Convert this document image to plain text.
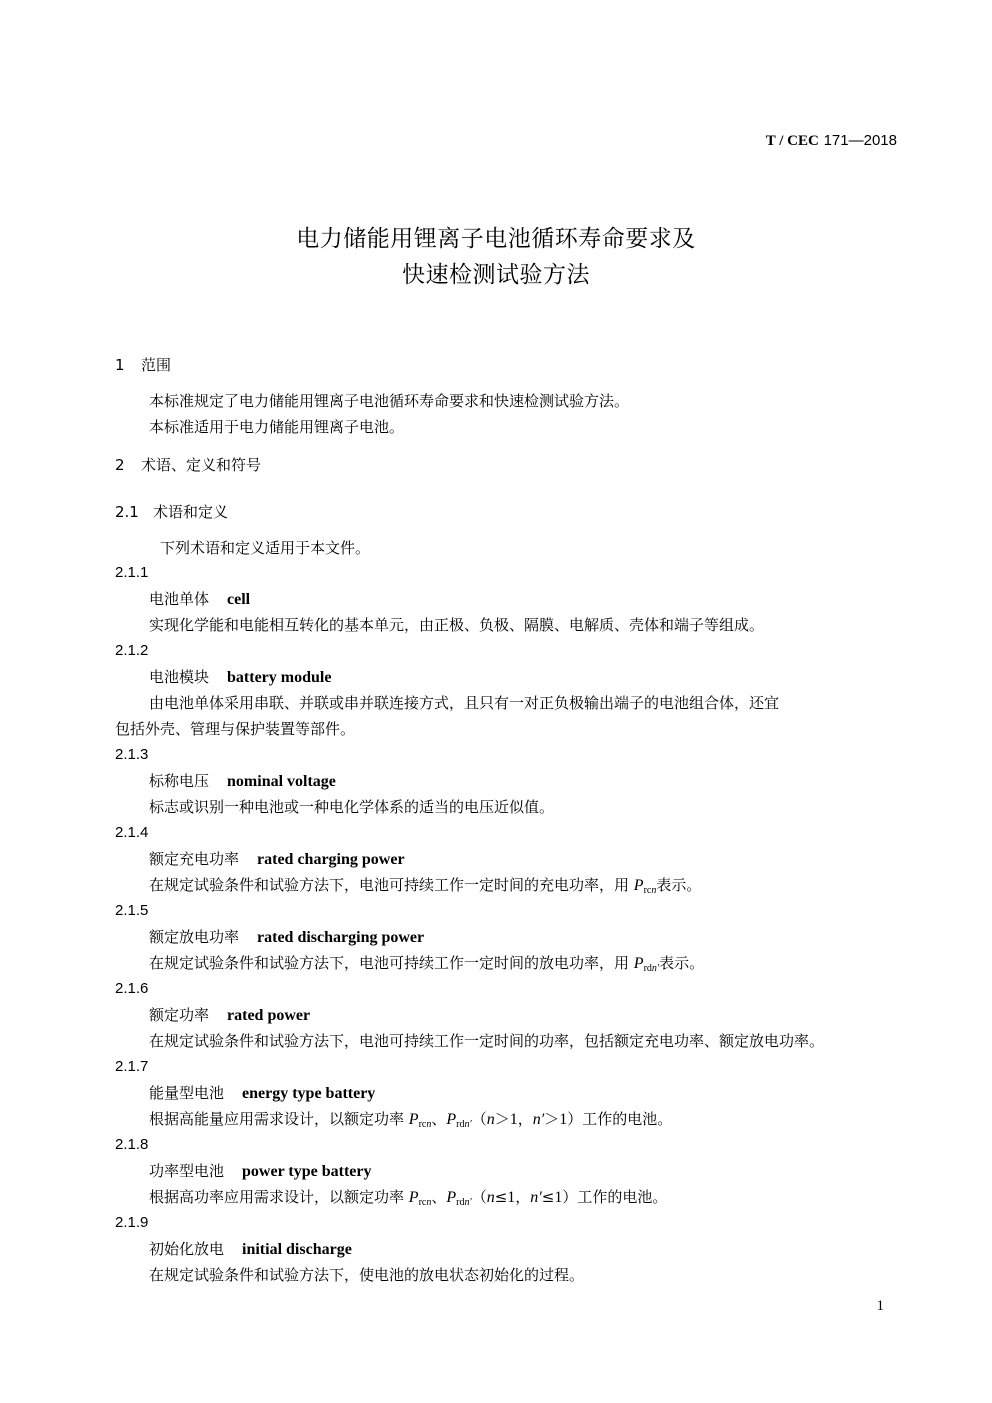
T / CEC 171—2018
电力储能用锂离子电池循环寿命要求及
快速检测试验方法
1 范围
本标准规定了电力储能用锂离子电池循环寿命要求和快速检测试验方法。
本标准适用于电力储能用锂离子电池。
2 术语、定义和符号
2.1 术语和定义
下列术语和定义适用于本文件。
2.1.1
电池单体 cell
实现化学能和电能相互转化的基本单元，由正极、负极、隔膜、电解质、壳体和端子等组成。
2.1.2
电池模块 battery module
由电池单体采用串联、并联或串并联连接方式，且只有一对正负极输出端子的电池组合体，还宜
包括外壳、管理与保护装置等部件。
2.1.3
标称电压 nominal voltage
标志或识别一种电池或一种电化学体系的适当的电压近似值。
2.1.4
额定充电功率 rated charging power
在规定试验条件和试验方法下，电池可持续工作一定时间的充电功率，用 $P_{rcn}$表示。
2.1.5
额定放电功率 rated discharging power
在规定试验条件和试验方法下，电池可持续工作一定时间的放电功率，用 $P_{rdn'}$表示。
2.1.6
额定功率 rated power
在规定试验条件和试验方法下，电池可持续工作一定时间的功率，包括额定充电功率、额定放电功率。
2.1.7
能量型电池 energy type battery
根据高能量应用需求设计，以额定功率 $P_{rcn}$、$P_{rdn'}(n>1$，n′＞1）工作的电池。
2.1.8
功率型电池 power type battery
根据高功率应用需求设计，以额定功率 $P_{rcn}$、$P_{rdn'}(n\le 1$，n′≤1）工作的电池。
2.1.9
初始化放电 initial discharge
在规定试验条件和试验方法下，使电池的放电状态初始化的过程。
1
